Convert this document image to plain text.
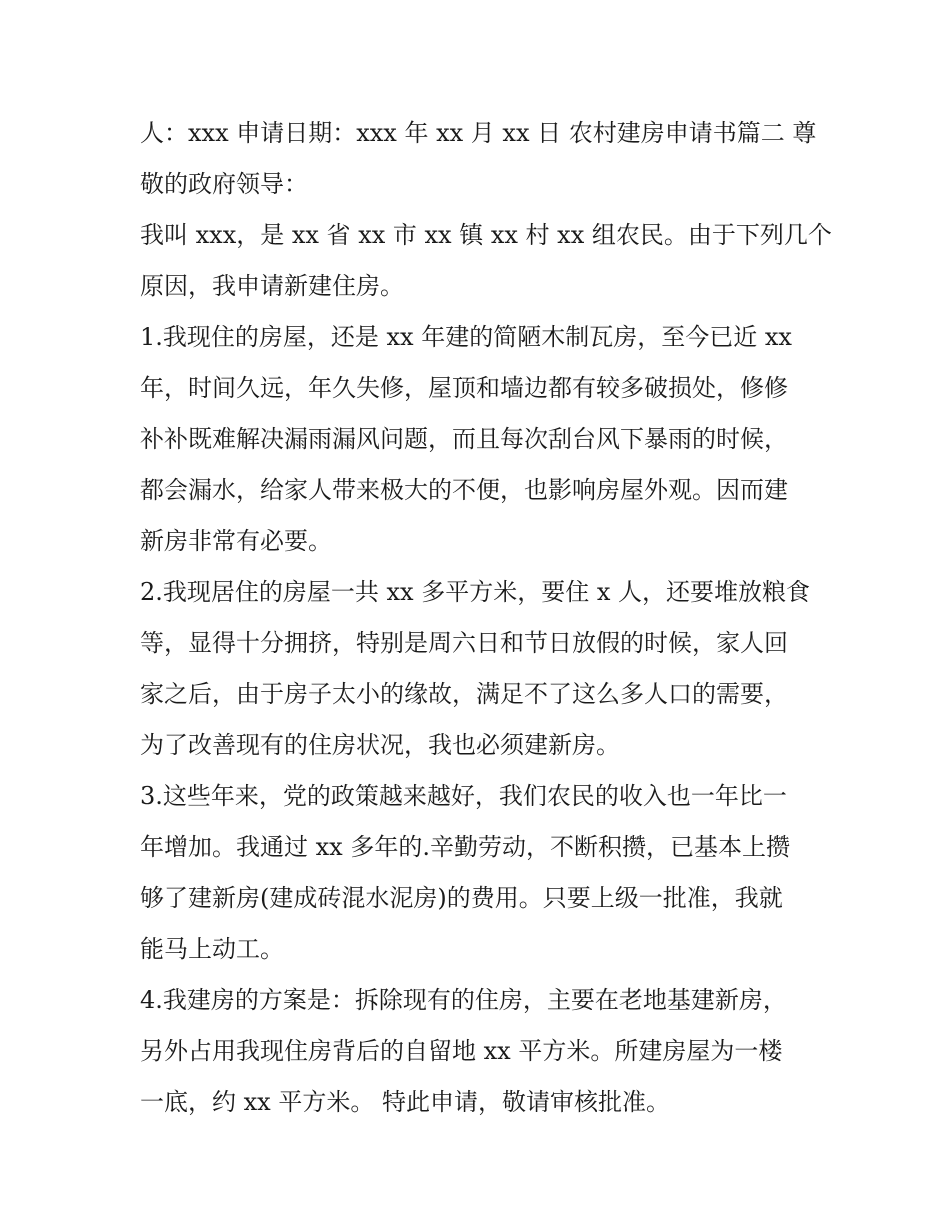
人：xxx 申请日期：xxx 年 xx 月 xx 日 农村建房申请书篇二 尊
敬的政府领导：
我叫 xxx，是 xx 省 xx 市 xx 镇 xx 村 xx 组农民。由于下列几个
原因，我申请新建住房。
1.我现住的房屋，还是 xx 年建的简陋木制瓦房，至今已近 xx
年，时间久远，年久失修，屋顶和墙边都有较多破损处，修修
补补既难解决漏雨漏风问题，而且每次刮台风下暴雨的时候，
都会漏水，给家人带来极大的不便，也影响房屋外观。因而建
新房非常有必要。
2.我现居住的房屋一共 xx 多平方米，要住 x 人，还要堆放粮食
等，显得十分拥挤，特别是周六日和节日放假的时候，家人回
家之后，由于房子太小的缘故，满足不了这么多人口的需要，
为了改善现有的住房状况，我也必须建新房。
3.这些年来，党的政策越来越好，我们农民的收入也一年比一
年增加。我通过 xx 多年的.辛勤劳动，不断积攒，已基本上攒
够了建新房(建成砖混水泥房)的费用。只要上级一批准，我就
能马上动工。
4.我建房的方案是：拆除现有的住房，主要在老地基建新房，
另外占用我现住房背后的自留地 xx 平方米。所建房屋为一楼
一底，约 xx 平方米。 特此申请，敬请审核批准。
